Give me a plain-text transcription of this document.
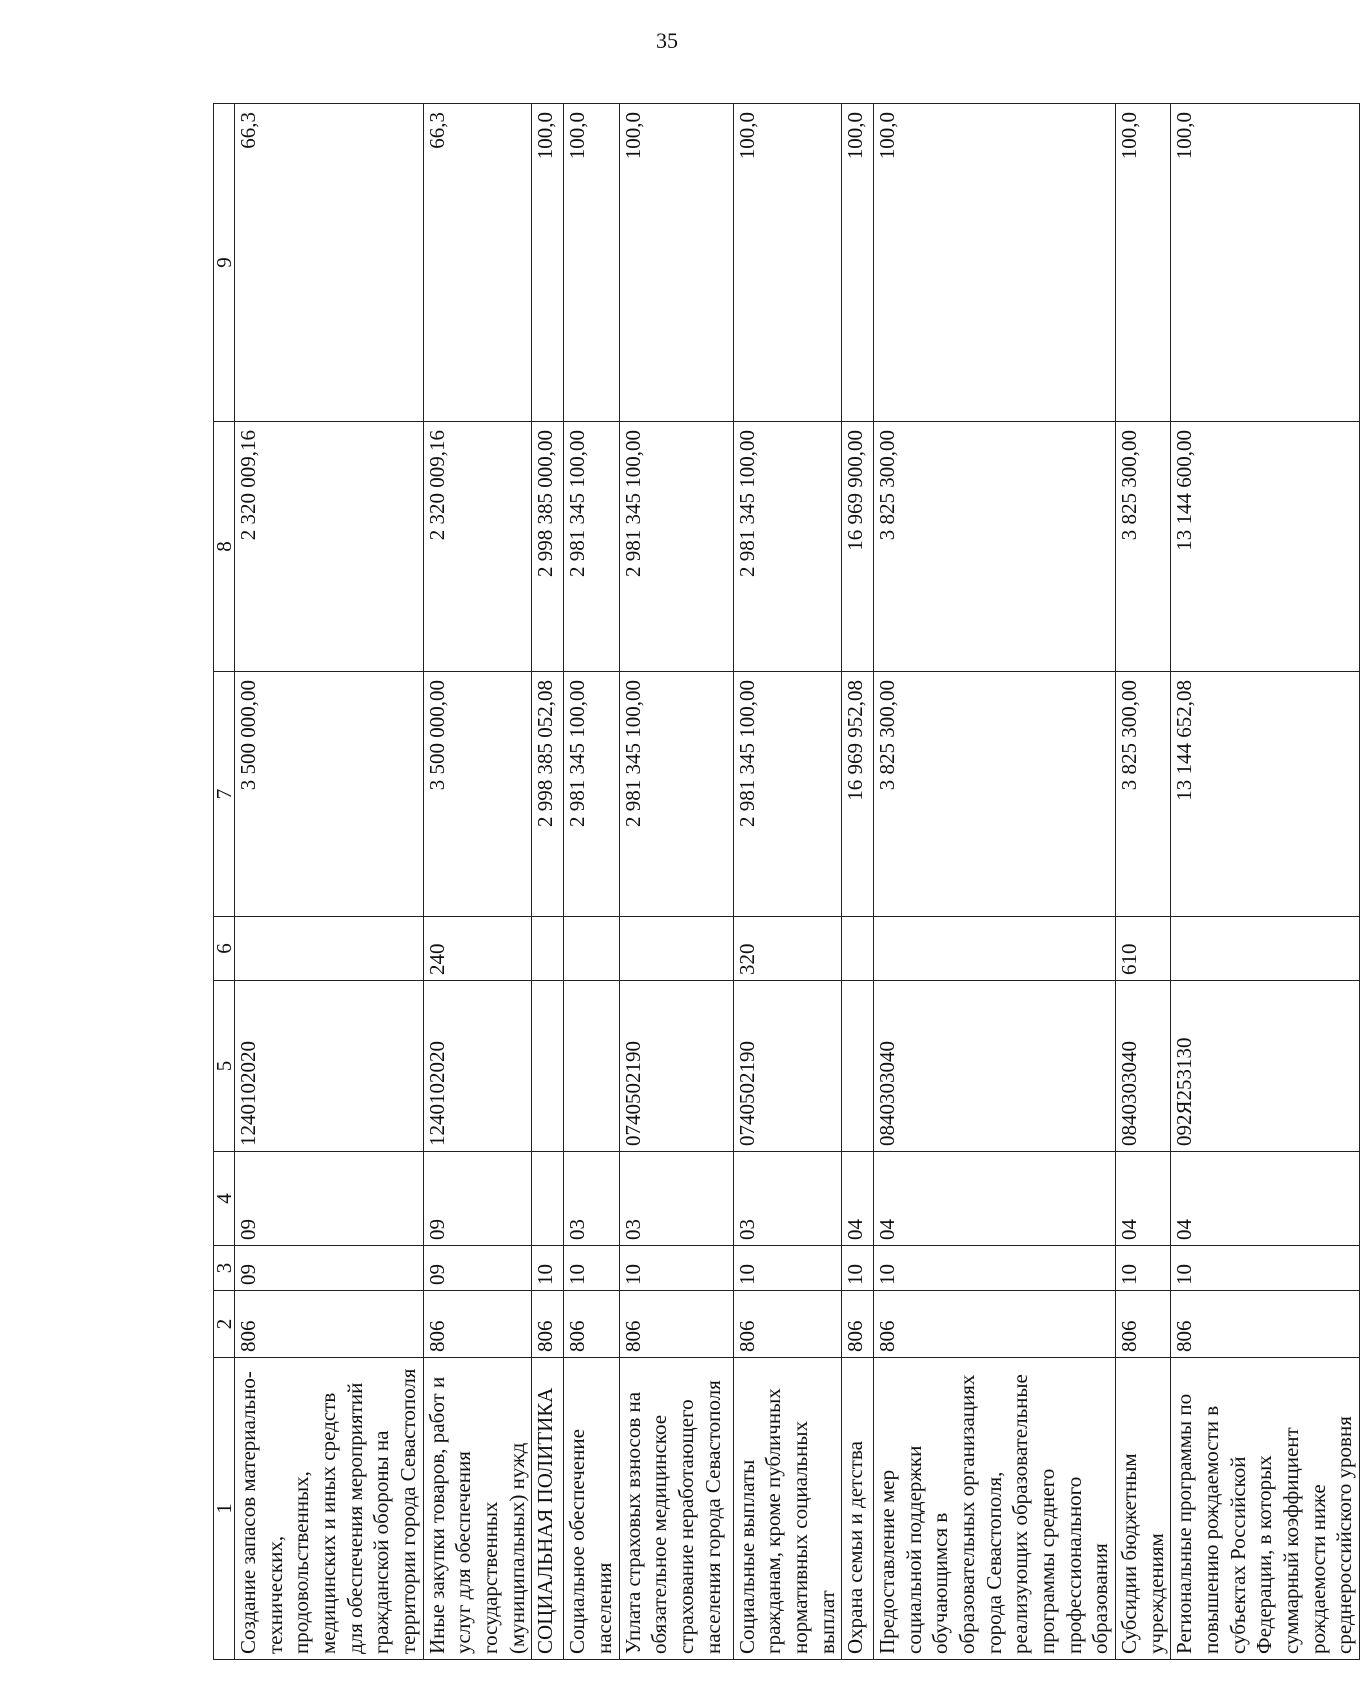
35
1	2	3	4	5	6	7	8	9
Создание запасов материально-технических, продовольственных, медицинских и иных средств для обеспечения мероприятий гражданской обороны на территории города Севастополя	806	09	09	1240102020		3 500 000,00	2 320 009,16	66,3
Иные закупки товаров, работ и услуг для обеспечения государственных (муниципальных) нужд	806	09	09	1240102020	240	3 500 000,00	2 320 009,16	66,3
СОЦИАЛЬНАЯ ПОЛИТИКА	806	10				2 998 385 052,08	2 998 385 000,00	100,0
Социальное обеспечение населения	806	10	03			2 981 345 100,00	2 981 345 100,00	100,0
Уплата страховых взносов на обязательное медицинское страхование неработающего населения города Севастополя	806	10	03	0740502190		2 981 345 100,00	2 981 345 100,00	100,0
Социальные выплаты гражданам, кроме публичных нормативных социальных выплат	806	10	03	0740502190	320	2 981 345 100,00	2 981 345 100,00	100,0
Охрана семьи и детства	806	10	04			16 969 952,08	16 969 900,00	100,0
Предоставление мер социальной поддержки обучающимся в образовательных организациях города Севастополя, реализующих образовательные программы среднего профессионального образования	806	10	04	0840303040		3 825 300,00	3 825 300,00	100,0
Субсидии бюджетным учреждениям	806	10	04	0840303040	610	3 825 300,00	3 825 300,00	100,0
Региональные программы по повышению рождаемости в субъектах Российской Федерации, в которых суммарный коэффициент рождаемости ниже среднероссийского уровня	806	10	04	092Я253130		13 144 652,08	13 144 600,00	100,0
